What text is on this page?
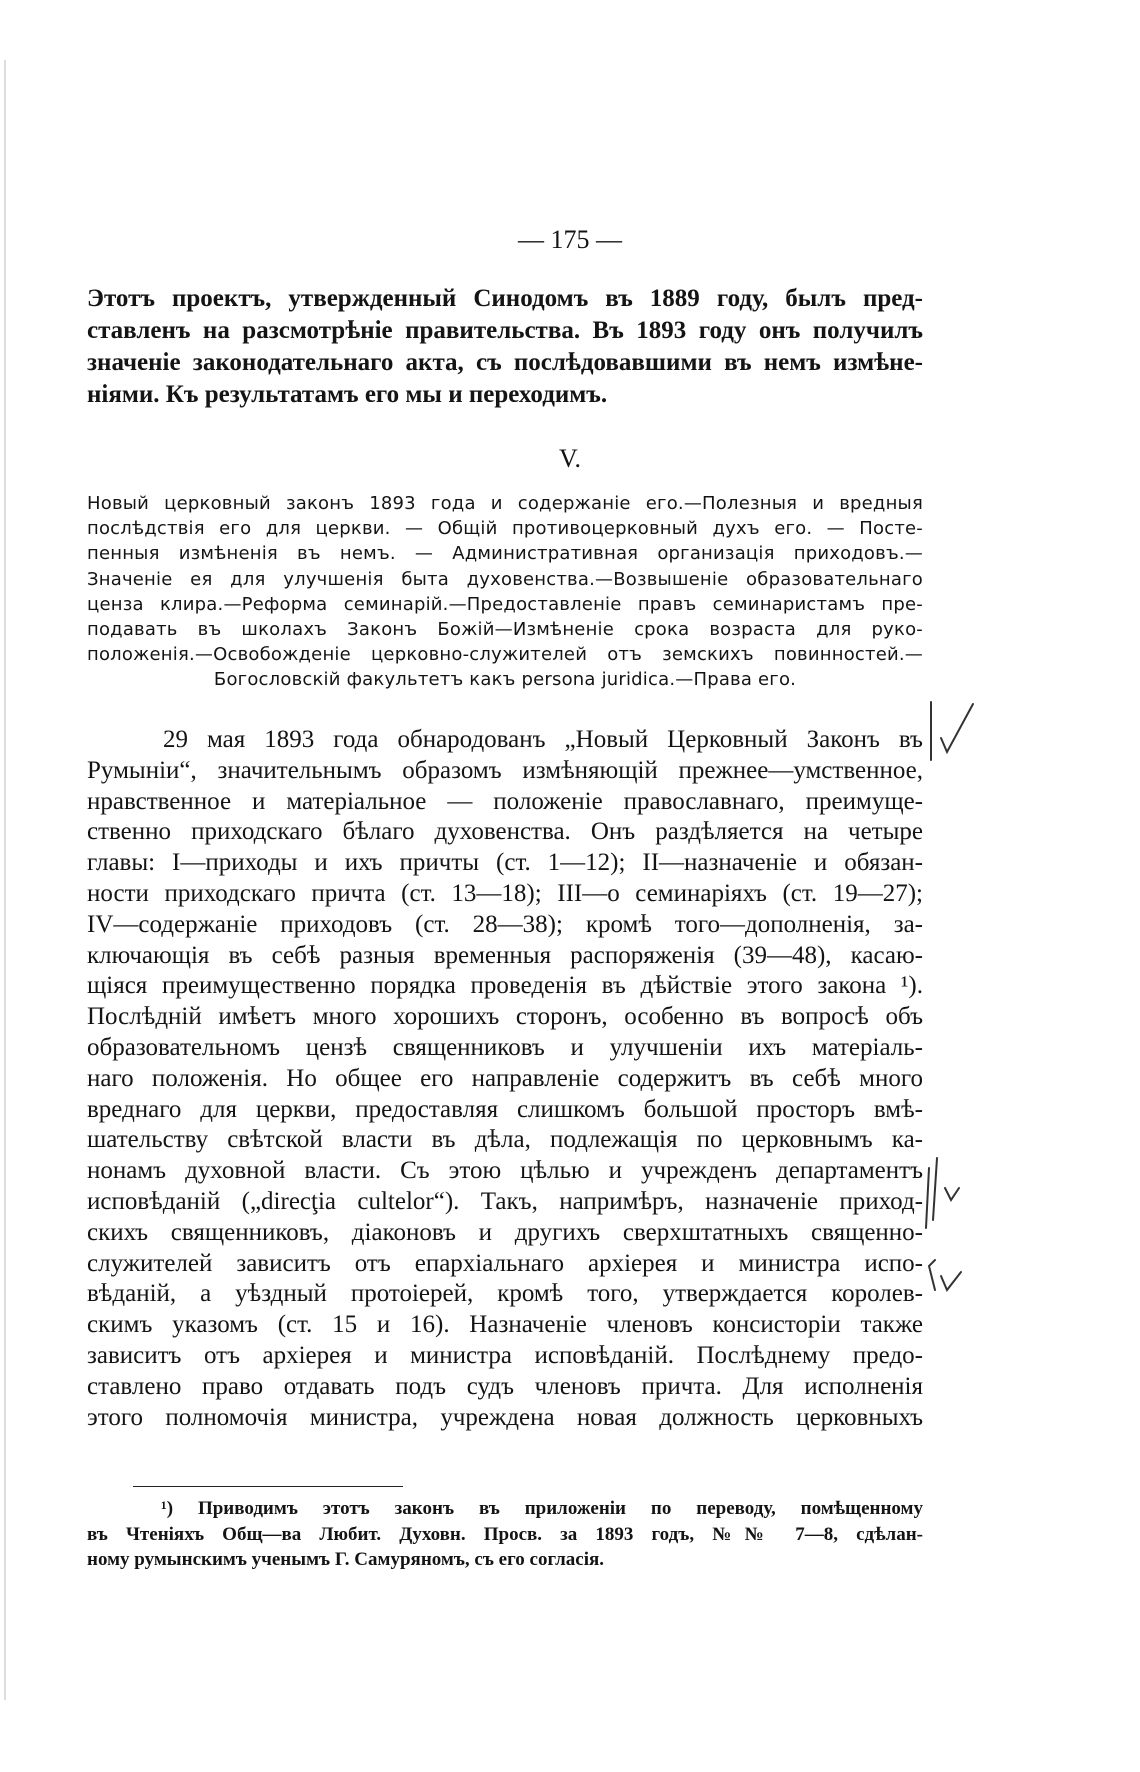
— 175 —
Этотъ проектъ, утвержденный Синодомъ въ 1889 году, былъ пред-
ставленъ на разсмотрѣніе правительства. Въ 1893 году онъ получилъ
значеніе законодательнаго акта, съ послѣдовавшими въ немъ измѣне-
ніями. Къ результатамъ его мы и переходимъ.
V.
Новый церковный законъ 1893 года и содержаніе его.—Полезныя и вредныя
послѣдствія его для церкви. — Общій противоцерковный духъ его. — Посте-
пенныя измѣненія въ немъ. — Административная организація приходовъ.—
Значеніе ея для улучшенія быта духовенства.—Возвышеніе образовательнаго
ценза клира.—Реформа семинарій.—Предоставленіе правъ семинаристамъ пре-
подавать въ школахъ Законъ Божій—Измѣненіе срока возраста для руко-
положенія.—Освобожденіе церковно-служителей отъ земскихъ повинностей.—
Богословскій факультетъ какъ persona juridica.—Права его.
29 мая 1893 года обнародованъ „Новый Церковный Законъ въ
Румыніи“, значительнымъ образомъ измѣняющій прежнее—умственное,
нравственное и матеріальное — положеніе православнаго, преимуще-
ственно приходскаго бѣлаго духовенства. Онъ раздѣляется на четыре
главы: I—приходы и ихъ причты (ст. 1—12); II—назначеніе и обязан-
ности приходскаго причта (ст. 13—18); III—о семинаріяхъ (ст. 19—27);
IV—содержаніе приходовъ (ст. 28—38); кромѣ того—дополненія, за-
ключающія въ себѣ разныя временныя распоряженія (39—48), касаю-
щіяся преимущественно порядка проведенія въ дѣйствіе этого закона ¹).
Послѣдній имѣетъ много хорошихъ сторонъ, особенно въ вопросѣ объ
образовательномъ цензѣ священниковъ и улучшеніи ихъ матеріаль-
наго положенія. Но общее его направленіе содержитъ въ себѣ много
вреднаго для церкви, предоставляя слишкомъ большой просторъ вмѣ-
шательству свѣтской власти въ дѣла, подлежащія по церковнымъ ка-
нонамъ духовной власти. Съ этою цѣлью и учрежденъ департаментъ
исповѣданій („direcţia cultelor“). Такъ, напримѣръ, назначеніе приход-
скихъ священниковъ, діаконовъ и другихъ сверхштатныхъ священно-
служителей зависитъ отъ епархіальнаго архіерея и министра испо-
вѣданій, а уѣздный протоіерей, кромѣ того, утверждается королев-
скимъ указомъ (ст. 15 и 16). Назначеніе членовъ консисторіи также
зависитъ отъ архіерея и министра исповѣданій. Послѣднему предо-
ставлено право отдавать подъ судъ членовъ причта. Для исполненія
этого полномочія министра, учреждена новая должность церковныхъ
¹) Приводимъ этотъ законъ въ приложеніи по переводу, помѣщенному
въ Чтеніяхъ Общ—ва Любит. Духовн. Просв. за 1893 годъ, №№ 7—8, сдѣлан-
ному румынскимъ ученымъ Г. Самуряномъ, съ его согласія.
